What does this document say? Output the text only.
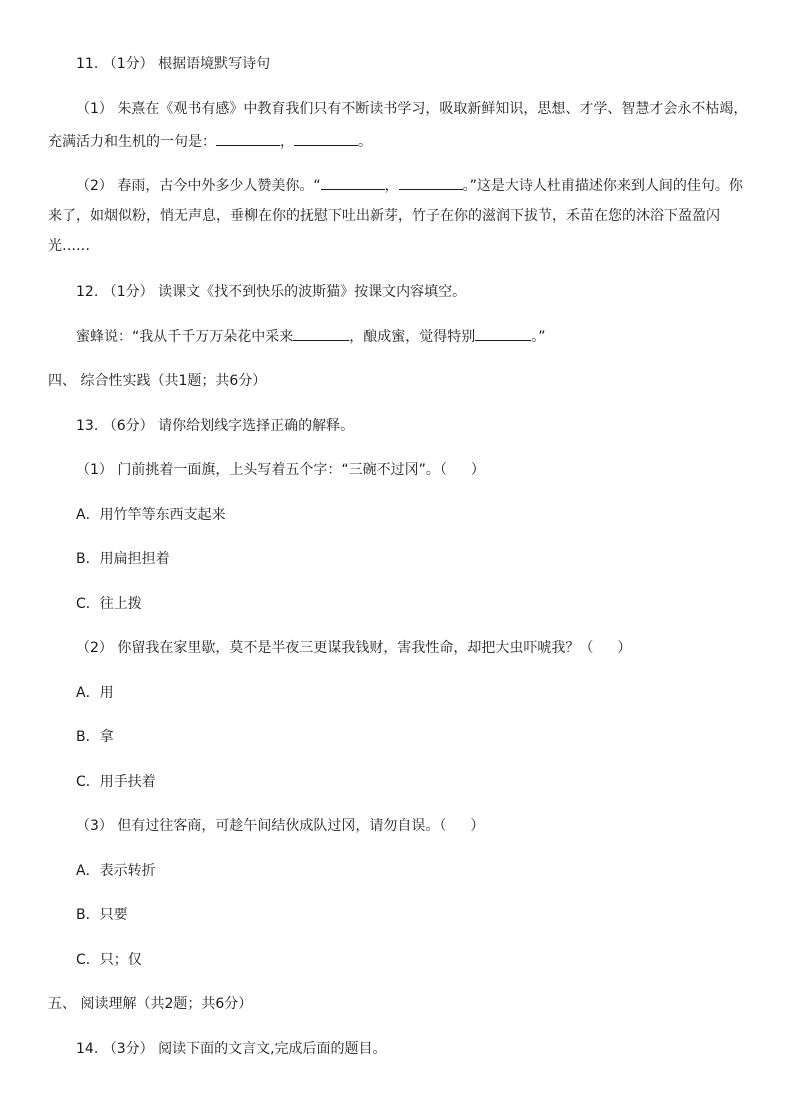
11. （1分） 根据语境默写诗句
（1） 朱熹在《观书有感》中教育我们只有不断读书学习，吸取新鲜知识，思想、才学、智慧才会永不枯竭，
充满活力和生机的一句是：	，	。
（2） 春雨，古今中外多少人赞美你。“	，	。”这是大诗人杜甫描述你来到人间的佳句。你
来了，如烟似粉，悄无声息，垂柳在你的抚慰下吐出新芽，竹子在你的滋润下拔节，禾苗在您的沐浴下盈盈闪
光……
12. （1分） 读课文《找不到快乐的波斯猫》按课文内容填空。
蜜蜂说：“我从千千万万朵花中采来	，酿成蜜，觉得特别	。”
四、 综合性实践（共1题；共6分）
13. （6分） 请你给划线字选择正确的解释。
（1） 门前挑着一面旗，上头写着五个字：“三碗不过冈”。（ ）
A．用竹竿等东西支起来
B．用扁担担着
C．往上拨
（2） 你留我在家里歇，莫不是半夜三更谋我钱财，害我性命，却把大虫吓唬我？（ ）
A．用
B．拿
C．用手扶着
（3） 但有过往客商，可趁午间结伙成队过冈，请勿自误。（ ）
A．表示转折
B．只要
C．只；仅
五、 阅读理解（共2题；共6分）
14. （3分） 阅读下面的文言文,完成后面的题目。
